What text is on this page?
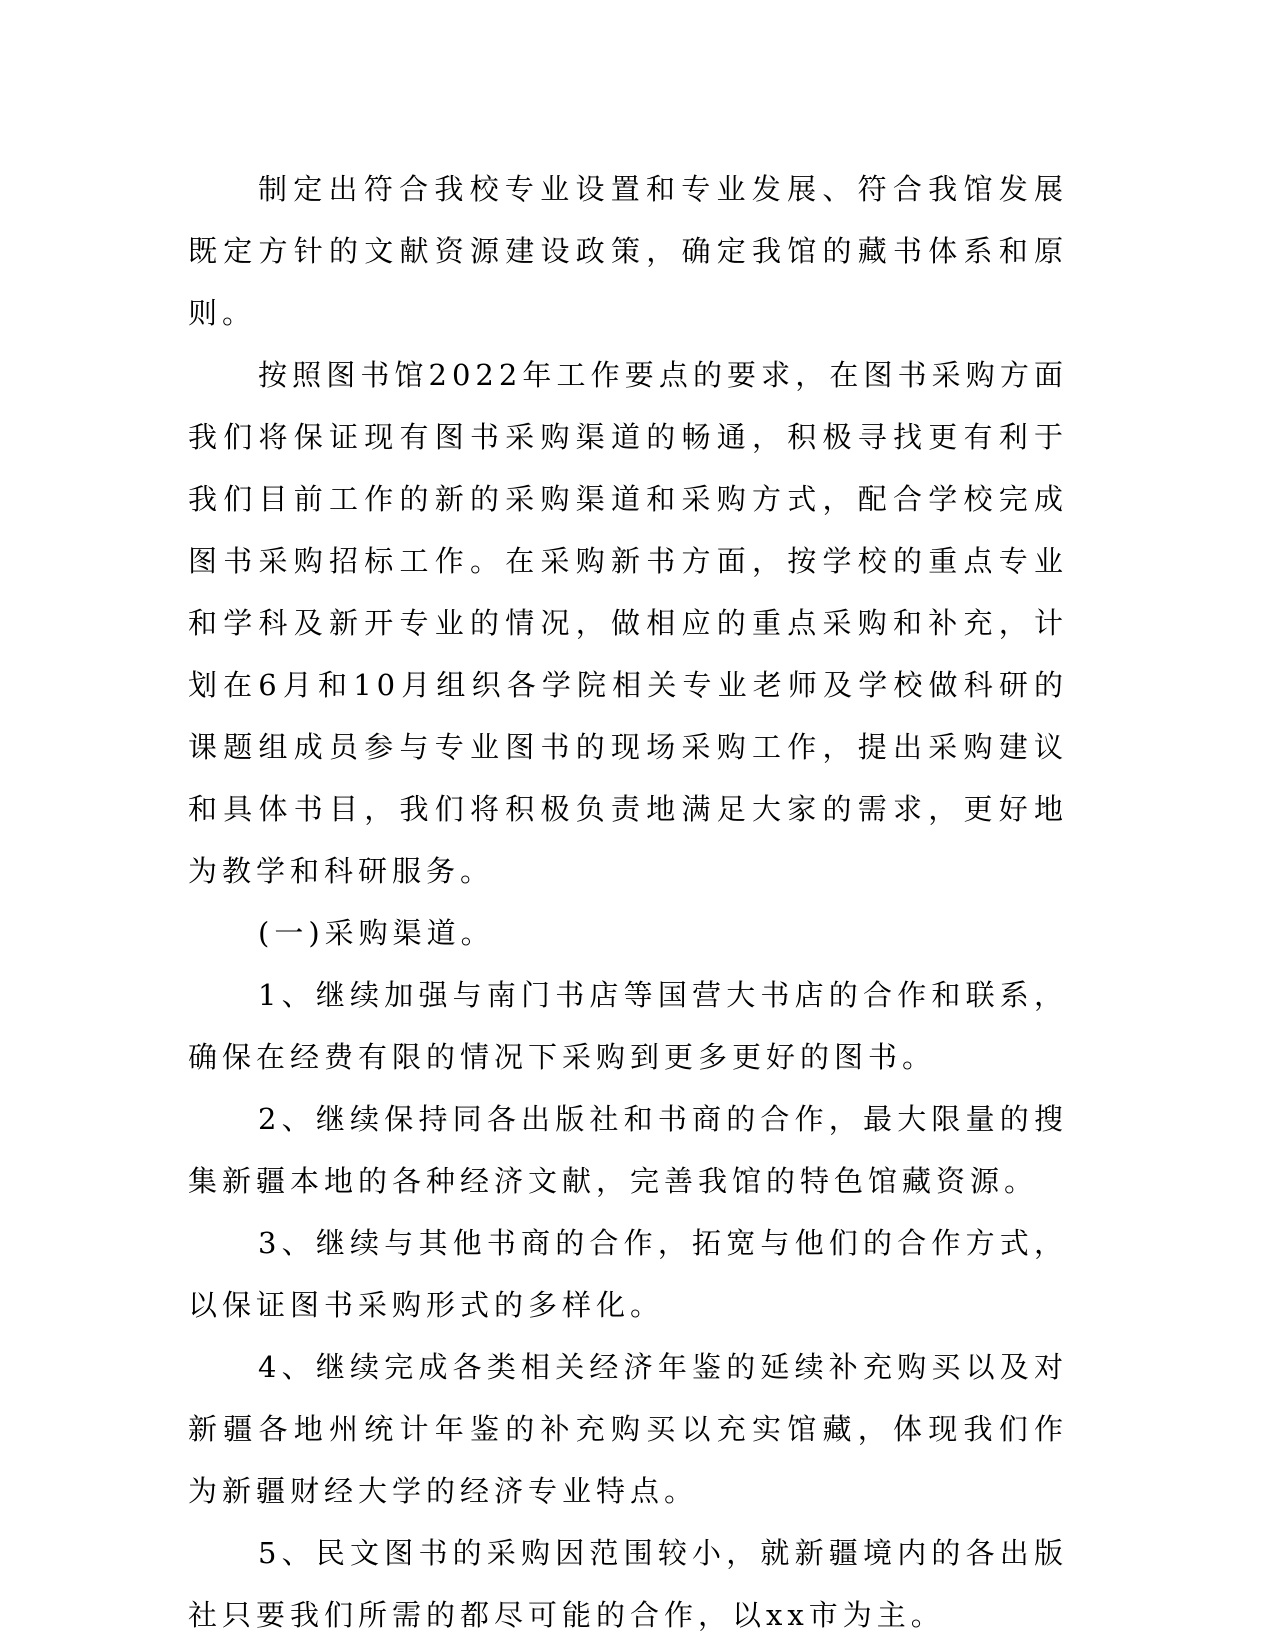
制定出符合我校专业设置和专业发展、符合我馆发展既定方针的文献资源建设政策，确定我馆的藏书体系和原则。

按照图书馆2022年工作要点的要求，在图书采购方面我们将保证现有图书采购渠道的畅通，积极寻找更有利于我们目前工作的新的采购渠道和采购方式，配合学校完成图书采购招标工作。在采购新书方面，按学校的重点专业和学科及新开专业的情况，做相应的重点采购和补充，计划在6月和10月组织各学院相关专业老师及学校做科研的课题组成员参与专业图书的现场采购工作，提出采购建议和具体书目，我们将积极负责地满足大家的需求，更好地为教学和科研服务。

(一)采购渠道。

1、继续加强与南门书店等国营大书店的合作和联系，确保在经费有限的情况下采购到更多更好的图书。

2、继续保持同各出版社和书商的合作，最大限量的搜集新疆本地的各种经济文献，完善我馆的特色馆藏资源。

3、继续与其他书商的合作，拓宽与他们的合作方式，以保证图书采购形式的多样化。

4、继续完成各类相关经济年鉴的延续补充购买以及对新疆各地州统计年鉴的补充购买以充实馆藏，体现我们作为新疆财经大学的经济专业特点。

5、民文图书的采购因范围较小，就新疆境内的各出版社只要我们所需的都尽可能的合作，以xx市为主。
